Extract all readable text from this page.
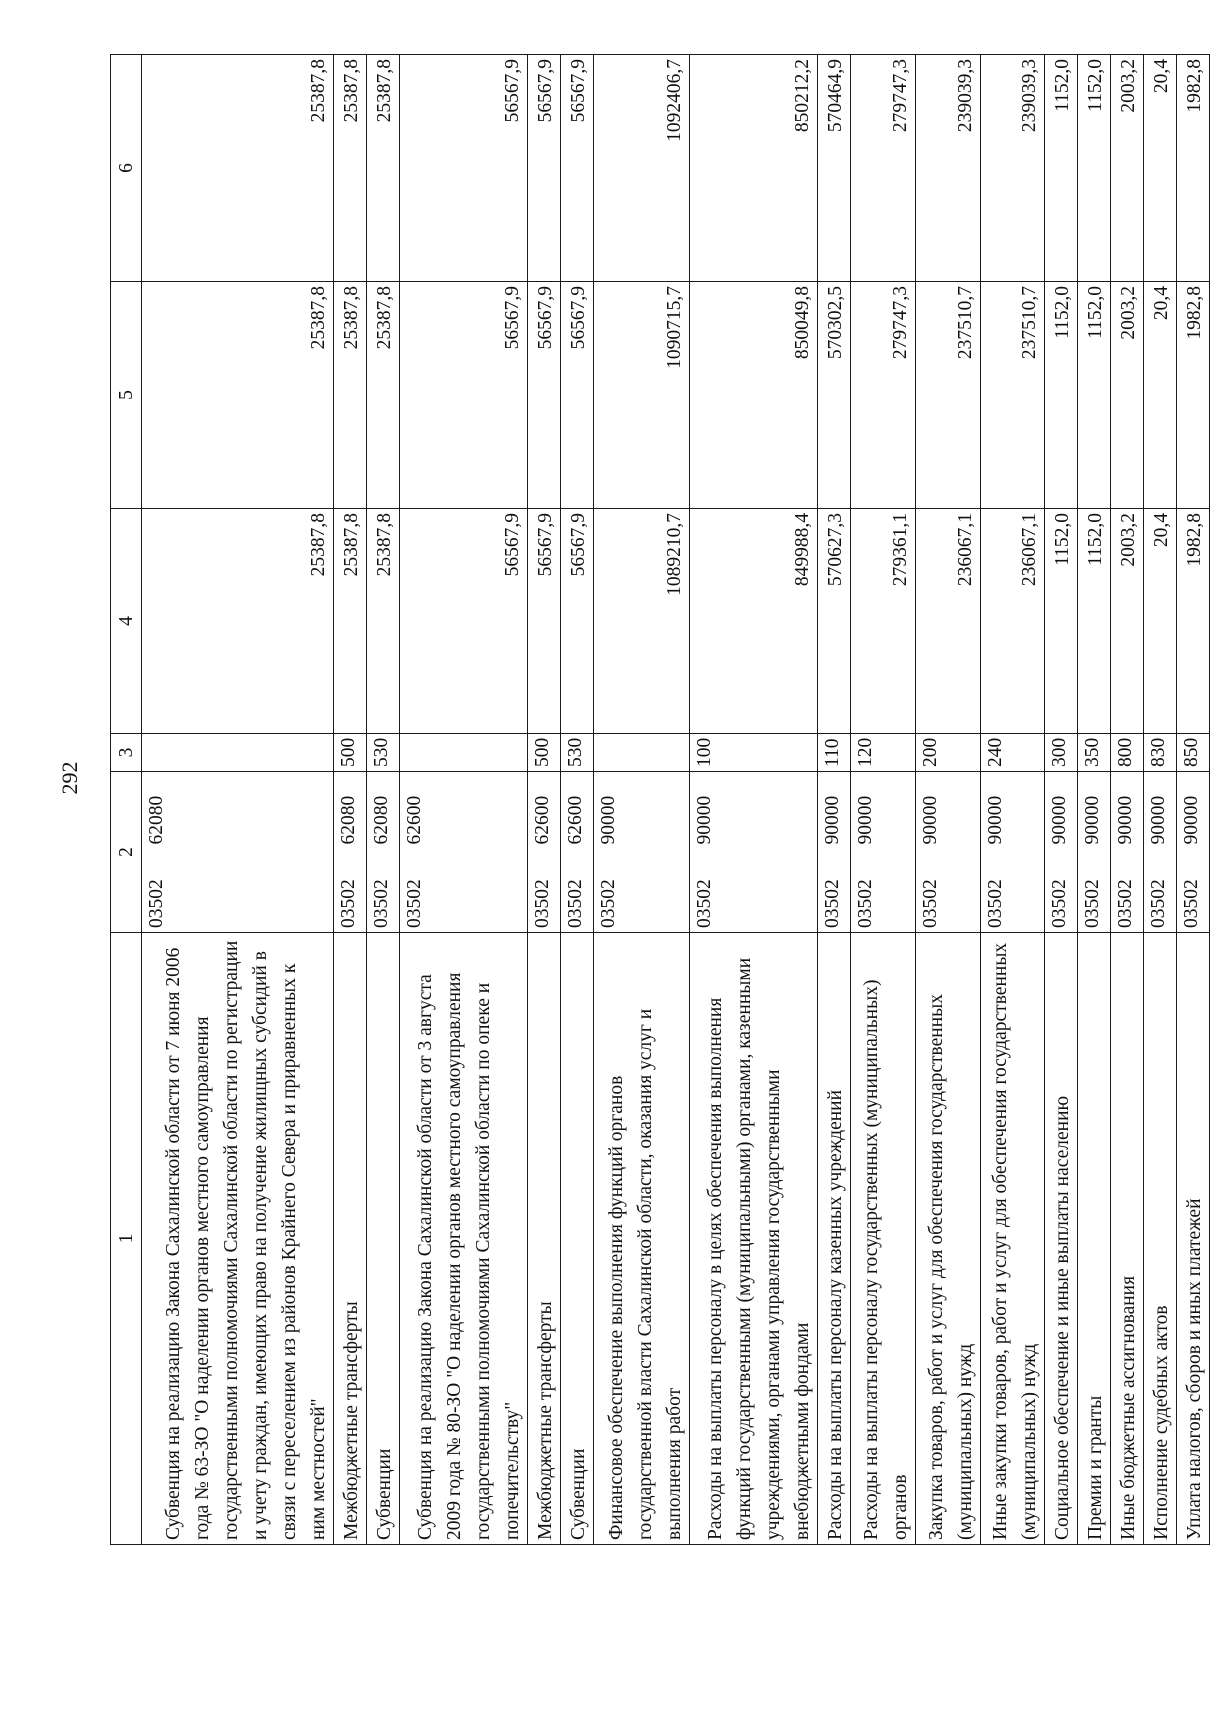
292
1	2		3	4	5	6
Субвенция на реализацию Закона Сахалинской области от 7 июня 2006 года № 63-ЗО "О наделении органов местного самоуправления государственными полномочиями Сахалинской области по регистрации и учету граждан, имеющих право на получение жилищных субсидий в связи с переселением из районов Крайнего Севера и приравненных к ним местностей"	03502	62080		25387,8	25387,8	25387,8
Межбюджетные трансферты	03502	62080	500	25387,8	25387,8	25387,8
Субвенции	03502	62080	530	25387,8	25387,8	25387,8
Субвенция на реализацию Закона Сахалинской области от 3 августа 2009 года № 80-ЗО "О наделении органов местного самоуправления государственными полномочиями Сахалинской области по опеке и попечительству"	03502	62600		56567,9	56567,9	56567,9
Межбюджетные трансферты	03502	62600	500	56567,9	56567,9	56567,9
Субвенции	03502	62600	530	56567,9	56567,9	56567,9
Финансовое обеспечение выполнения функций органов государственной власти Сахалинской области, оказания услуг и выполнения работ	03502	90000		1089210,7	1090715,7	1092406,7
Расходы на выплаты персоналу в целях обеспечения выполнения функций государственными (муниципальными) органами, казенными учреждениями, органами управления государственными внебюджетными фондами	03502	90000	100	849988,4	850049,8	850212,2
Расходы на выплаты персоналу казенных учреждений	03502	90000	110	570627,3	570302,5	570464,9
Расходы на выплаты персоналу государственных (муниципальных) органов	03502	90000	120	279361,1	279747,3	279747,3
Закупка товаров, работ и услуг для обеспечения государственных (муниципальных) нужд	03502	90000	200	236067,1	237510,7	239039,3
Иные закупки товаров, работ и услуг для обеспечения государственных (муниципальных) нужд	03502	90000	240	236067,1	237510,7	239039,3
Социальное обеспечение и иные выплаты населению	03502	90000	300	1152,0	1152,0	1152,0
Премии и гранты	03502	90000	350	1152,0	1152,0	1152,0
Иные бюджетные ассигнования	03502	90000	800	2003,2	2003,2	2003,2
Исполнение судебных актов	03502	90000	830	20,4	20,4	20,4
Уплата налогов, сборов и иных платежей	03502	90000	850	1982,8	1982,8	1982,8
